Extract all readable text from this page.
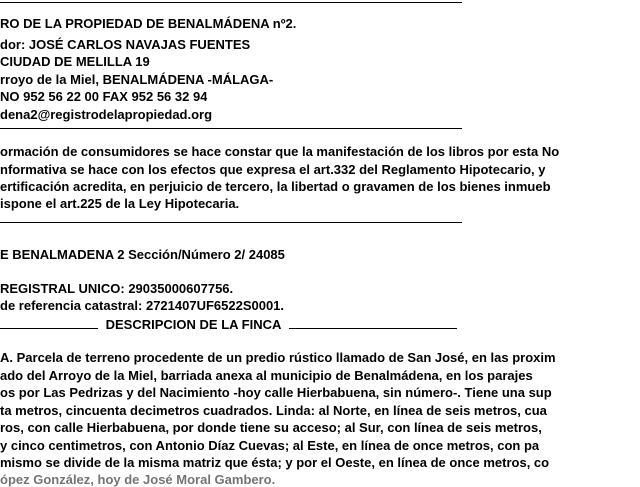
RO DE LA PROPIEDAD DE BENALMÁDENA nº2.
dor: JOSÉ CARLOS NAVAJAS FUENTES
CIUDAD DE MELILLA 19
rroyo de la Miel, BENALMÁDENA -MÁLAGA-
NO 952 56 22 00 FAX 952 56 32 94
dena2@registrodelapropiedad.org
ormación de consumidores se hace constar que la manifestación de los libros por esta No
nformativa se hace con los efectos que expresa el art.332 del Reglamento Hipotecario, y
ertificación acredita, en perjuicio de tercero, la libertad o gravamen de los bienes inmueb
ispone el art.225 de la Ley Hipotecaria.
E BENALMADENA 2 Sección/Número 2/ 24085
REGISTRAL UNICO: 29035000607756.
de referencia catastral: 2721407UF6522S0001.
DESCRIPCION DE LA FINCA
A. Parcela de terreno procedente de un predio rústico llamado de San José, en las proxim
ado del Arroyo de la Miel, barriada anexa al municipio de Benalmádena, en los parajes
os por Las Pedrizas y del Nacimiento -hoy calle Hierbabuena, sin número-. Tiene una sup
ta metros, cincuenta decimetros cuadrados. Linda: al Norte, en línea de seis metros, cua
ros, con calle Hierbabuena, por donde tiene su acceso; al Sur, con línea de seis metros,
y cinco centimetros, con Antonio Díaz Cuevas; al Este, en línea de once metros, con pa
mismo se divide de la misma matriz que ésta; y por el Oeste, en línea de once metros, co
ópez González, hoy de José Moral Gambero.
